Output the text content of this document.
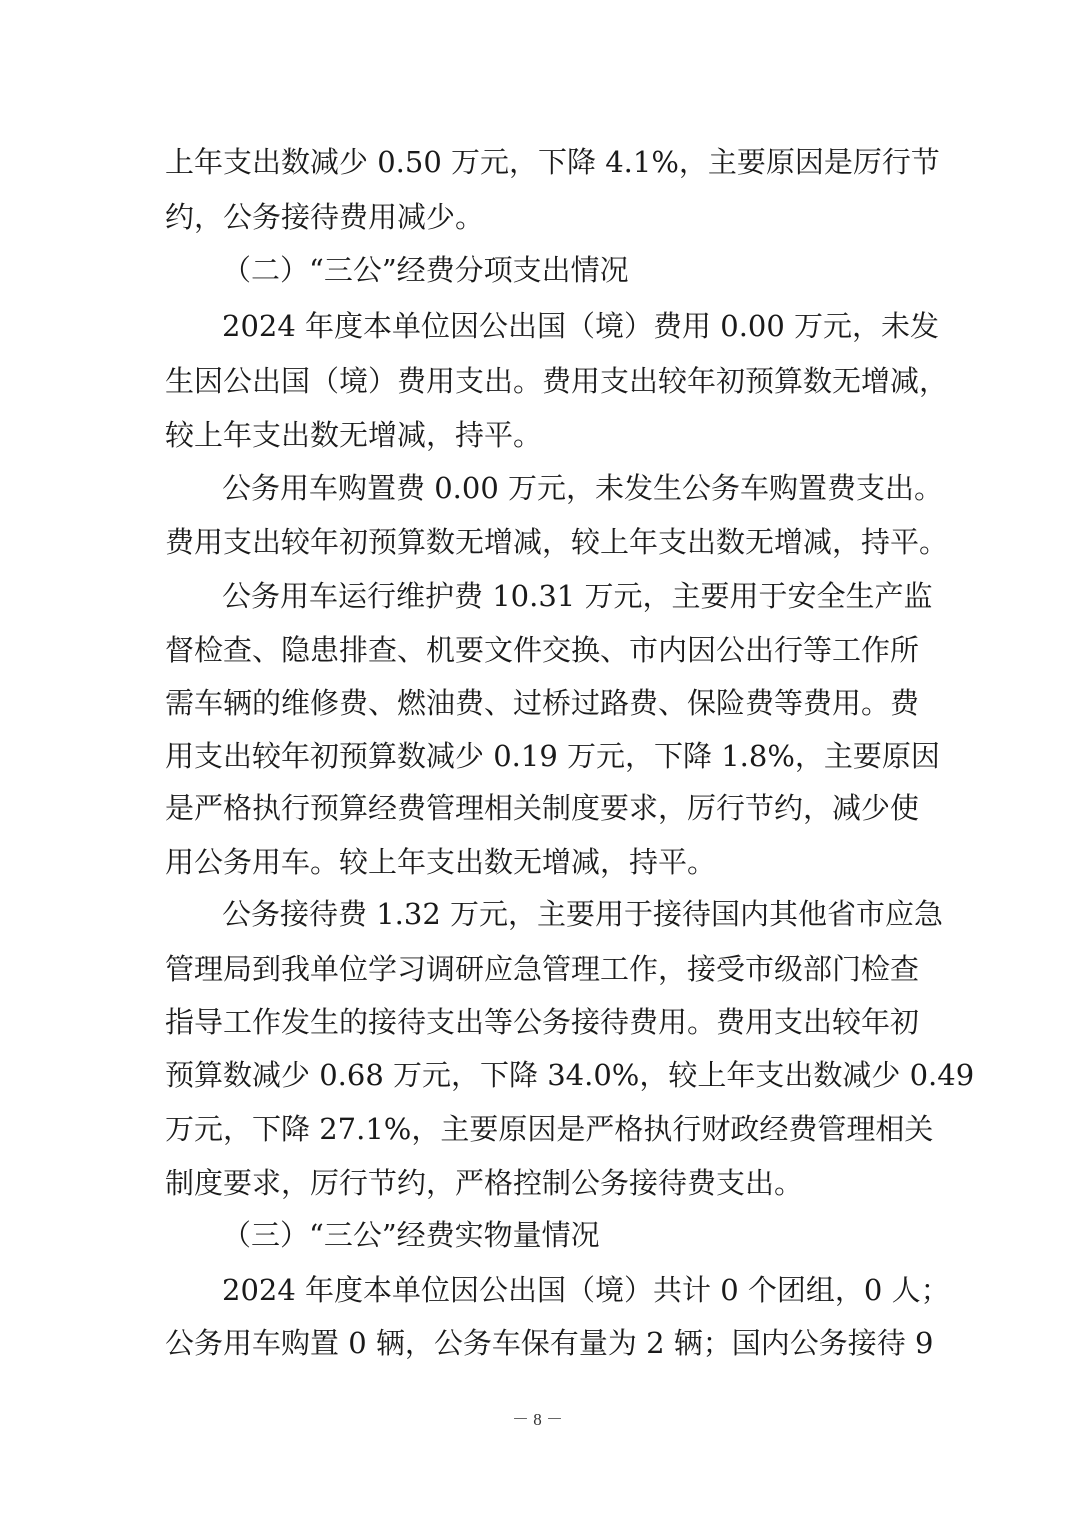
上年支出数减少 0.50 万元，下降 4.1%，主要原因是厉行节
约，公务接待费用减少。
（二）“三公”经费分项支出情况
2024 年度本单位因公出国（境）费用 0.00 万元，未发
生因公出国（境）费用支出。费用支出较年初预算数无增减，
较上年支出数无增减，持平。
公务用车购置费 0.00 万元，未发生公务车购置费支出。
费用支出较年初预算数无增减，较上年支出数无增减，持平。
公务用车运行维护费 10.31 万元，主要用于安全生产监
督检查、隐患排查、机要文件交换、市内因公出行等工作所
需车辆的维修费、燃油费、过桥过路费、保险费等费用。费
用支出较年初预算数减少 0.19 万元，下降 1.8%，主要原因
是严格执行预算经费管理相关制度要求，厉行节约，减少使
用公务用车。较上年支出数无增减，持平。
公务接待费 1.32 万元，主要用于接待国内其他省市应急
管理局到我单位学习调研应急管理工作，接受市级部门检查
指导工作发生的接待支出等公务接待费用。费用支出较年初
预算数减少 0.68 万元，下降 34.0%，较上年支出数减少 0.49
万元，下降 27.1%，主要原因是严格执行财政经费管理相关
制度要求，厉行节约，严格控制公务接待费支出。
（三）“三公”经费实物量情况
2024 年度本单位因公出国（境）共计 0 个团组，0 人；
公务用车购置 0 辆，公务车保有量为 2 辆；国内公务接待 9
－ 8 －
